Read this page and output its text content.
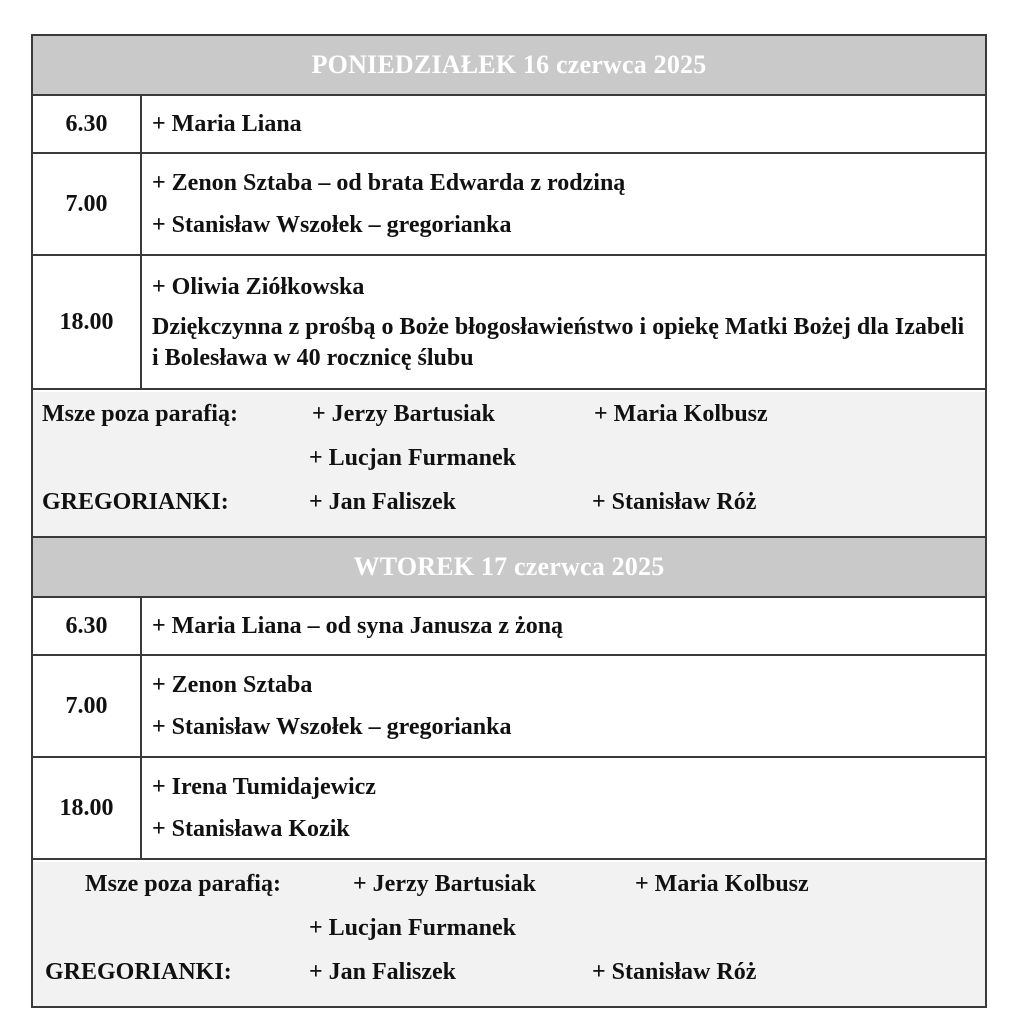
PONIEDZIAŁEK 16 czerwca 2025
6.30	+ Maria Liana
7.00
+ Zenon Sztaba – od brata Edwarda z rodziną
+ Stanisław Wszołek – gregorianka
18.00
+ Oliwia Ziółkowska
Dziękczynna z prośbą o Boże błogosławieństwo i opiekę Matki Bożej dla Izabeli i Bolesława w 40 rocznicę ślubu
Msze poza parafią:	+ Jerzy Bartusiak	+ Maria Kolbusz
+ Lucjan Furmanek
GREGORIANKI:	+ Jan Faliszek	+ Stanisław Róż
WTOREK 17 czerwca 2025
6.30	+ Maria Liana – od syna Janusza z żoną
7.00
+ Zenon Sztaba
+ Stanisław Wszołek – gregorianka
18.00
+ Irena Tumidajewicz
+ Stanisława Kozik
Msze poza parafią:	+ Jerzy Bartusiak	+ Maria Kolbusz
+ Lucjan Furmanek
GREGORIANKI:	+ Jan Faliszek	+ Stanisław Róż
